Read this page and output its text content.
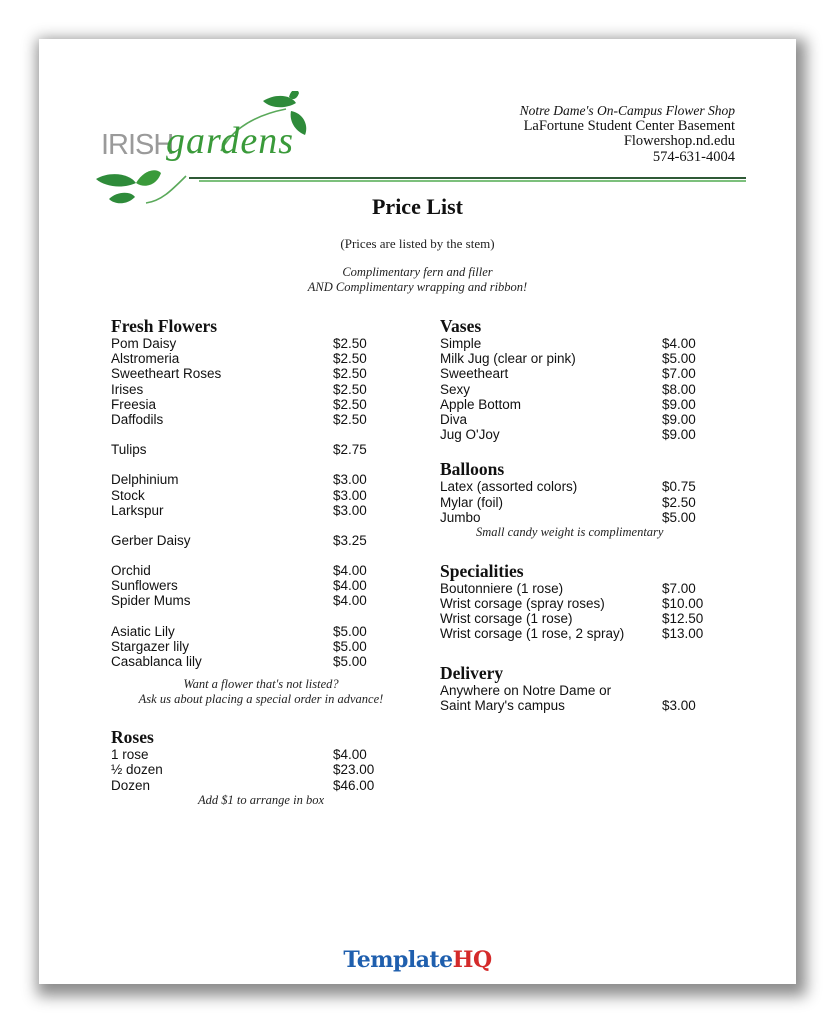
IRISH
gardens
Notre Dame's On-Campus Flower Shop
LaFortune Student Center Basement
Flowershop.nd.edu
574-631-4004
Price List
(Prices are listed by the stem)
Complimentary fern and filler
AND Complimentary wrapping and ribbon!
Fresh Flowers
Pom Daisy	$2.50
Alstromeria	$2.50
Sweetheart Roses	$2.50
Irises	$2.50
Freesia	$2.50
Daffodils	$2.50
Tulips	$2.75
Delphinium	$3.00
Stock	$3.00
Larkspur	$3.00
Gerber Daisy	$3.25
Orchid	$4.00
Sunflowers	$4.00
Spider Mums	$4.00
Asiatic Lily	$5.00
Stargazer lily	$5.00
Casablanca lily	$5.00
Want a flower that's not listed?
Ask us about placing a special order in advance!
Roses
1 rose	$4.00
½ dozen	$23.00
Dozen	$46.00
Add $1 to arrange in box
Vases
Simple	$4.00
Milk Jug (clear or pink)	$5.00
Sweetheart	$7.00
Sexy	$8.00
Apple Bottom	$9.00
Diva	$9.00
Jug O'Joy	$9.00
Balloons
Latex (assorted colors)	$0.75
Mylar (foil)	$2.50
Jumbo	$5.00
Small candy weight is complimentary
Specialities
Boutonniere (1 rose)	$7.00
Wrist corsage (spray roses)	$10.00
Wrist corsage (1 rose)	$12.50
Wrist corsage (1 rose, 2 spray)	$13.00
Delivery
Anywhere on Notre Dame or
Saint Mary's campus	$3.00
TemplateHQ
